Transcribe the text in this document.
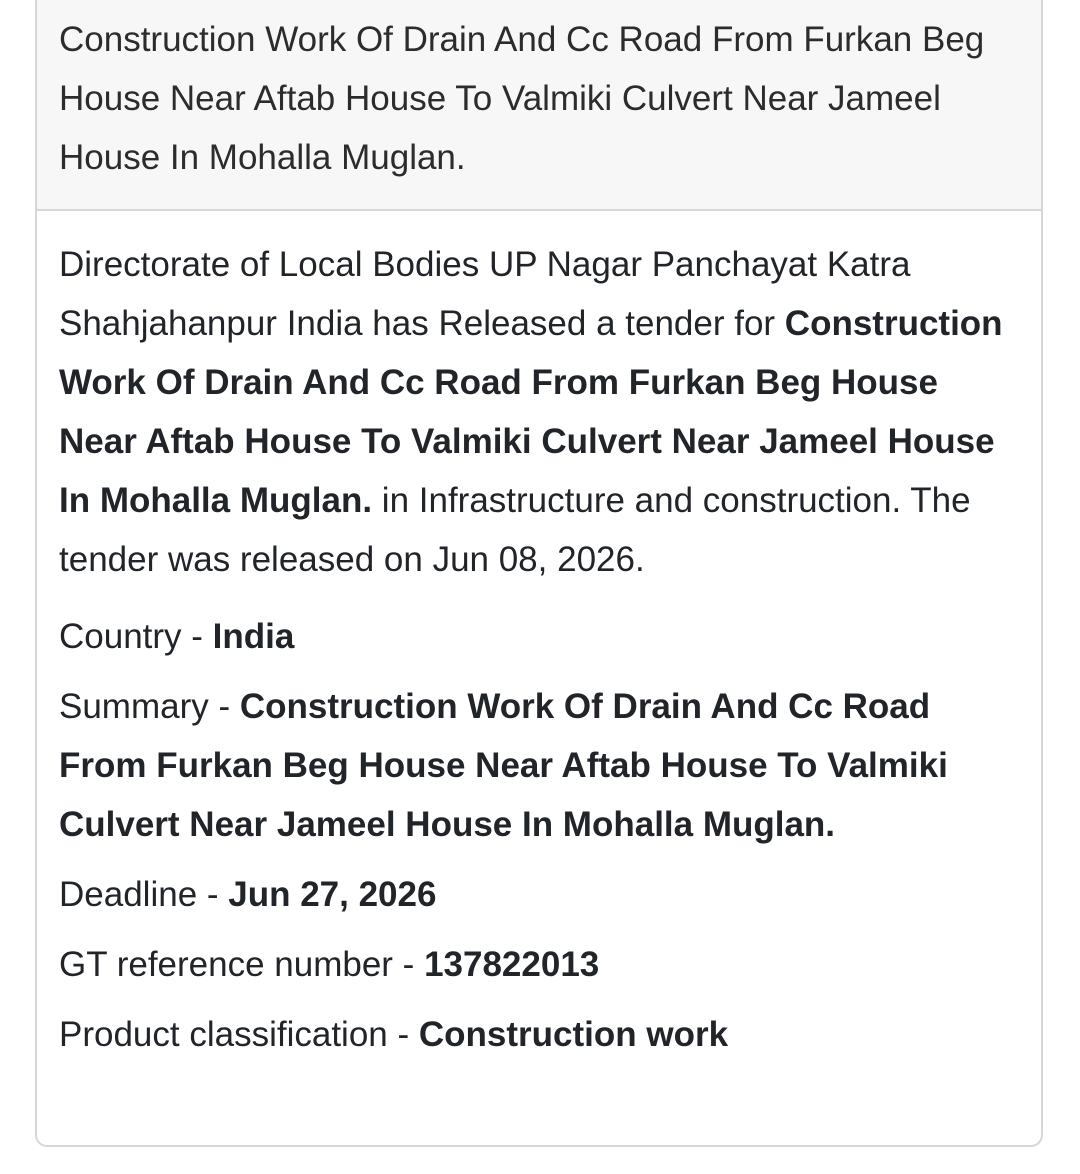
Construction Work Of Drain And Cc Road From Furkan Beg House Near Aftab House To Valmiki Culvert Near Jameel House In Mohalla Muglan.
Directorate of Local Bodies UP Nagar Panchayat Katra Shahjahanpur India has Released a tender for Construction Work Of Drain And Cc Road From Furkan Beg House Near Aftab House To Valmiki Culvert Near Jameel House In Mohalla Muglan. in Infrastructure and construction. The tender was released on Jun 08, 2026.
Country - India
Summary - Construction Work Of Drain And Cc Road From Furkan Beg House Near Aftab House To Valmiki Culvert Near Jameel House In Mohalla Muglan.
Deadline - Jun 27, 2026
GT reference number - 137822013
Product classification - Construction work
